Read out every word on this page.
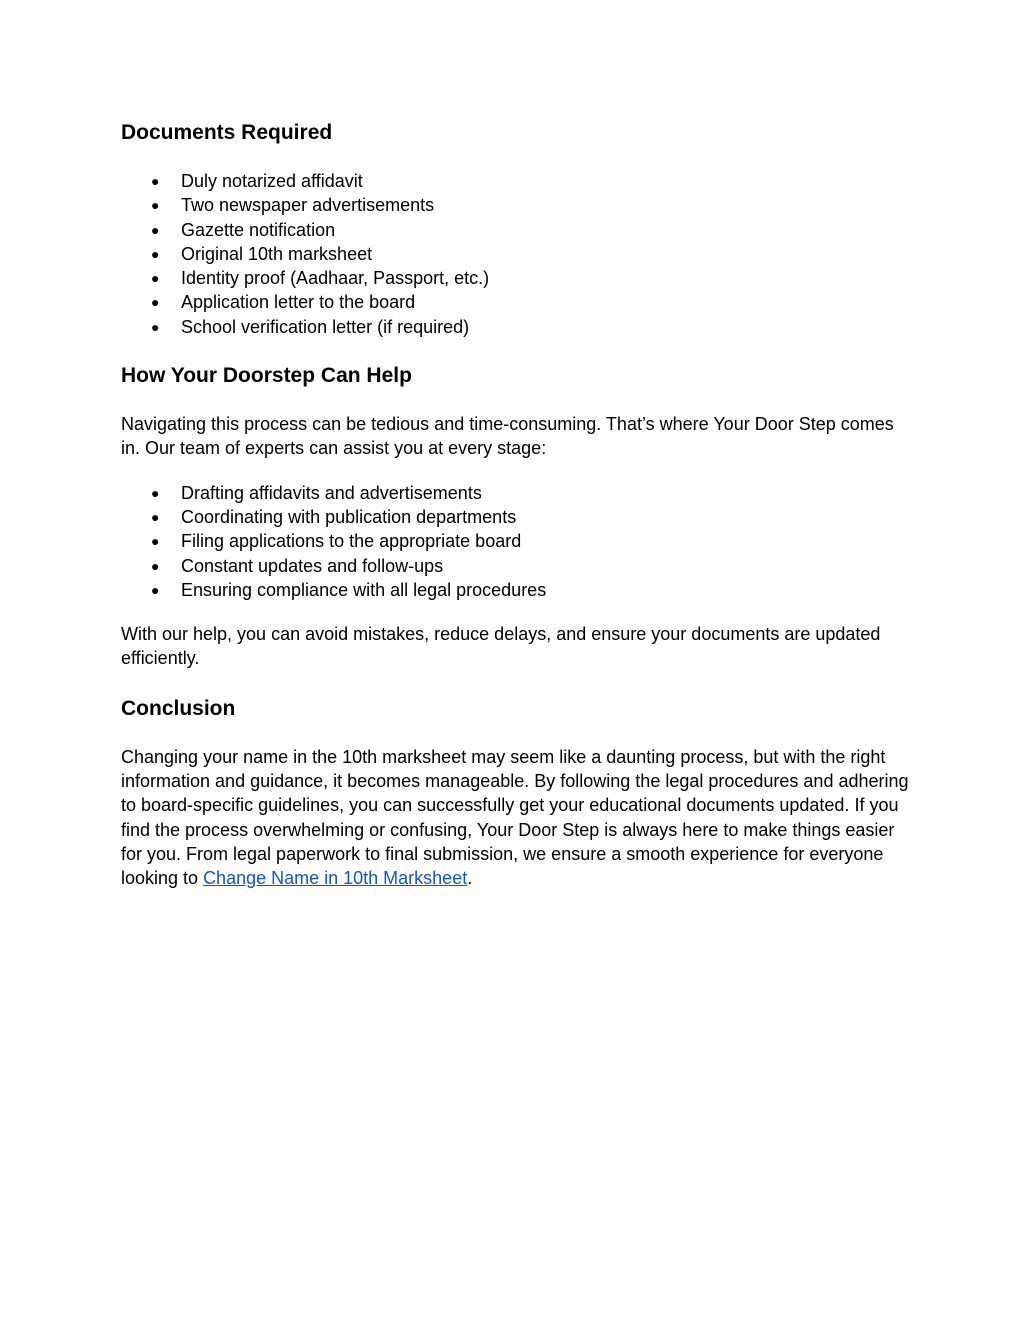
Documents Required
● Duly notarized affidavit
● Two newspaper advertisements
● Gazette notification
● Original 10th marksheet
● Identity proof (Aadhaar, Passport, etc.)
● Application letter to the board
● School verification letter (if required)
How Your Doorstep Can Help

Navigating this process can be tedious and time-consuming. That’s where Your Door Step comes in. Our team of experts can assist you at every stage:

● Drafting affidavits and advertisements
● Coordinating with publication departments
● Filing applications to the appropriate board
● Constant updates and follow-ups
● Ensuring compliance with all legal procedures

With our help, you can avoid mistakes, reduce delays, and ensure your documents are updated efficiently.

Conclusion

Changing your name in the 10th marksheet may seem like a daunting process, but with the right information and guidance, it becomes manageable. By following the legal procedures and adhering to board-specific guidelines, you can successfully get your educational documents updated. If you find the process overwhelming or confusing, Your Door Step is always here to make things easier for you. From legal paperwork to final submission, we ensure a smooth experience for everyone looking to Change Name in 10th Marksheet.
